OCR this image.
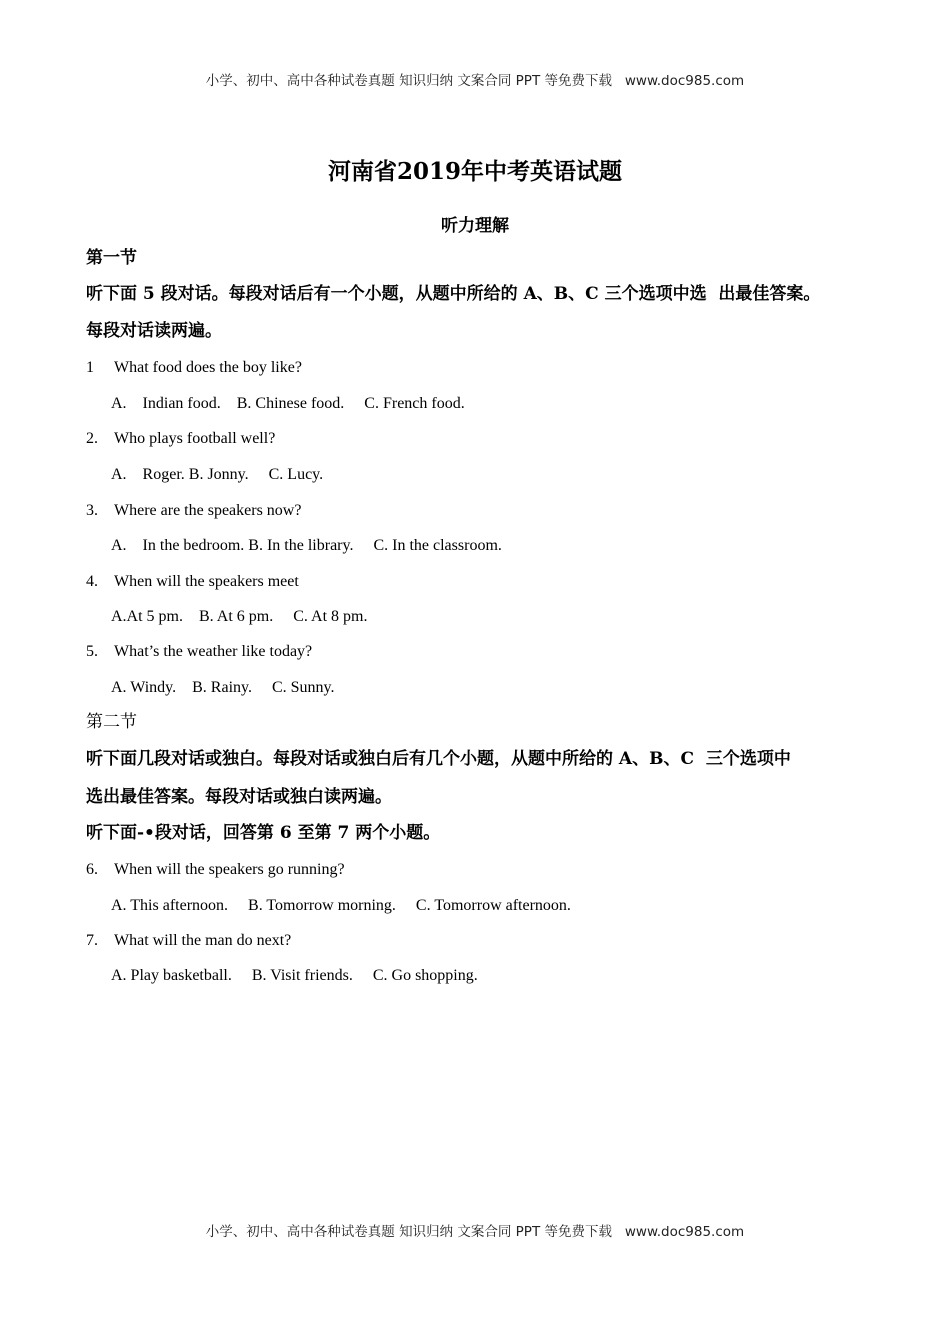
小学、初中、高中各种试卷真题 知识归纳 文案合同 PPT 等免费下载   www.doc985.com
河南省2019年中考英语试题
听力理解
第一节
听下面 5 段对话。每段对话后有一个小题，从题中所给的 A、B、C 三个选项中选  出最佳答案。
每段对话读两遍。
1 What food does the boy like?
A.    Indian food.    B. Chinese food.     C. French food.
2. Who plays football well?
A.    Roger. B. Jonny.     C. Lucy.
3. Where are the speakers now?
A.    In the bedroom. B. In the library.     C. In the classroom.
4. When will the speakers meet
A.At 5 pm.    B. At 6 pm.     C. At 8 pm.
5. What’s the weather like today?
A. Windy.    B. Rainy.     C. Sunny.
第二节
听下面几段对话或独白。每段对话或独白后有几个小题，从题中所给的 A、B、C  三个选项中
选出最佳答案。每段对话或独白读两遍。
听下面-•段对话，回答第 6 至第 7 两个小题。
6. When will the speakers go running?
A. This afternoon.     B. Tomorrow morning.     C. Tomorrow afternoon.
7. What will the man do next?
A. Play basketball.     B. Visit friends.     C. Go shopping.
小学、初中、高中各种试卷真题 知识归纳 文案合同 PPT 等免费下载   www.doc985.com
